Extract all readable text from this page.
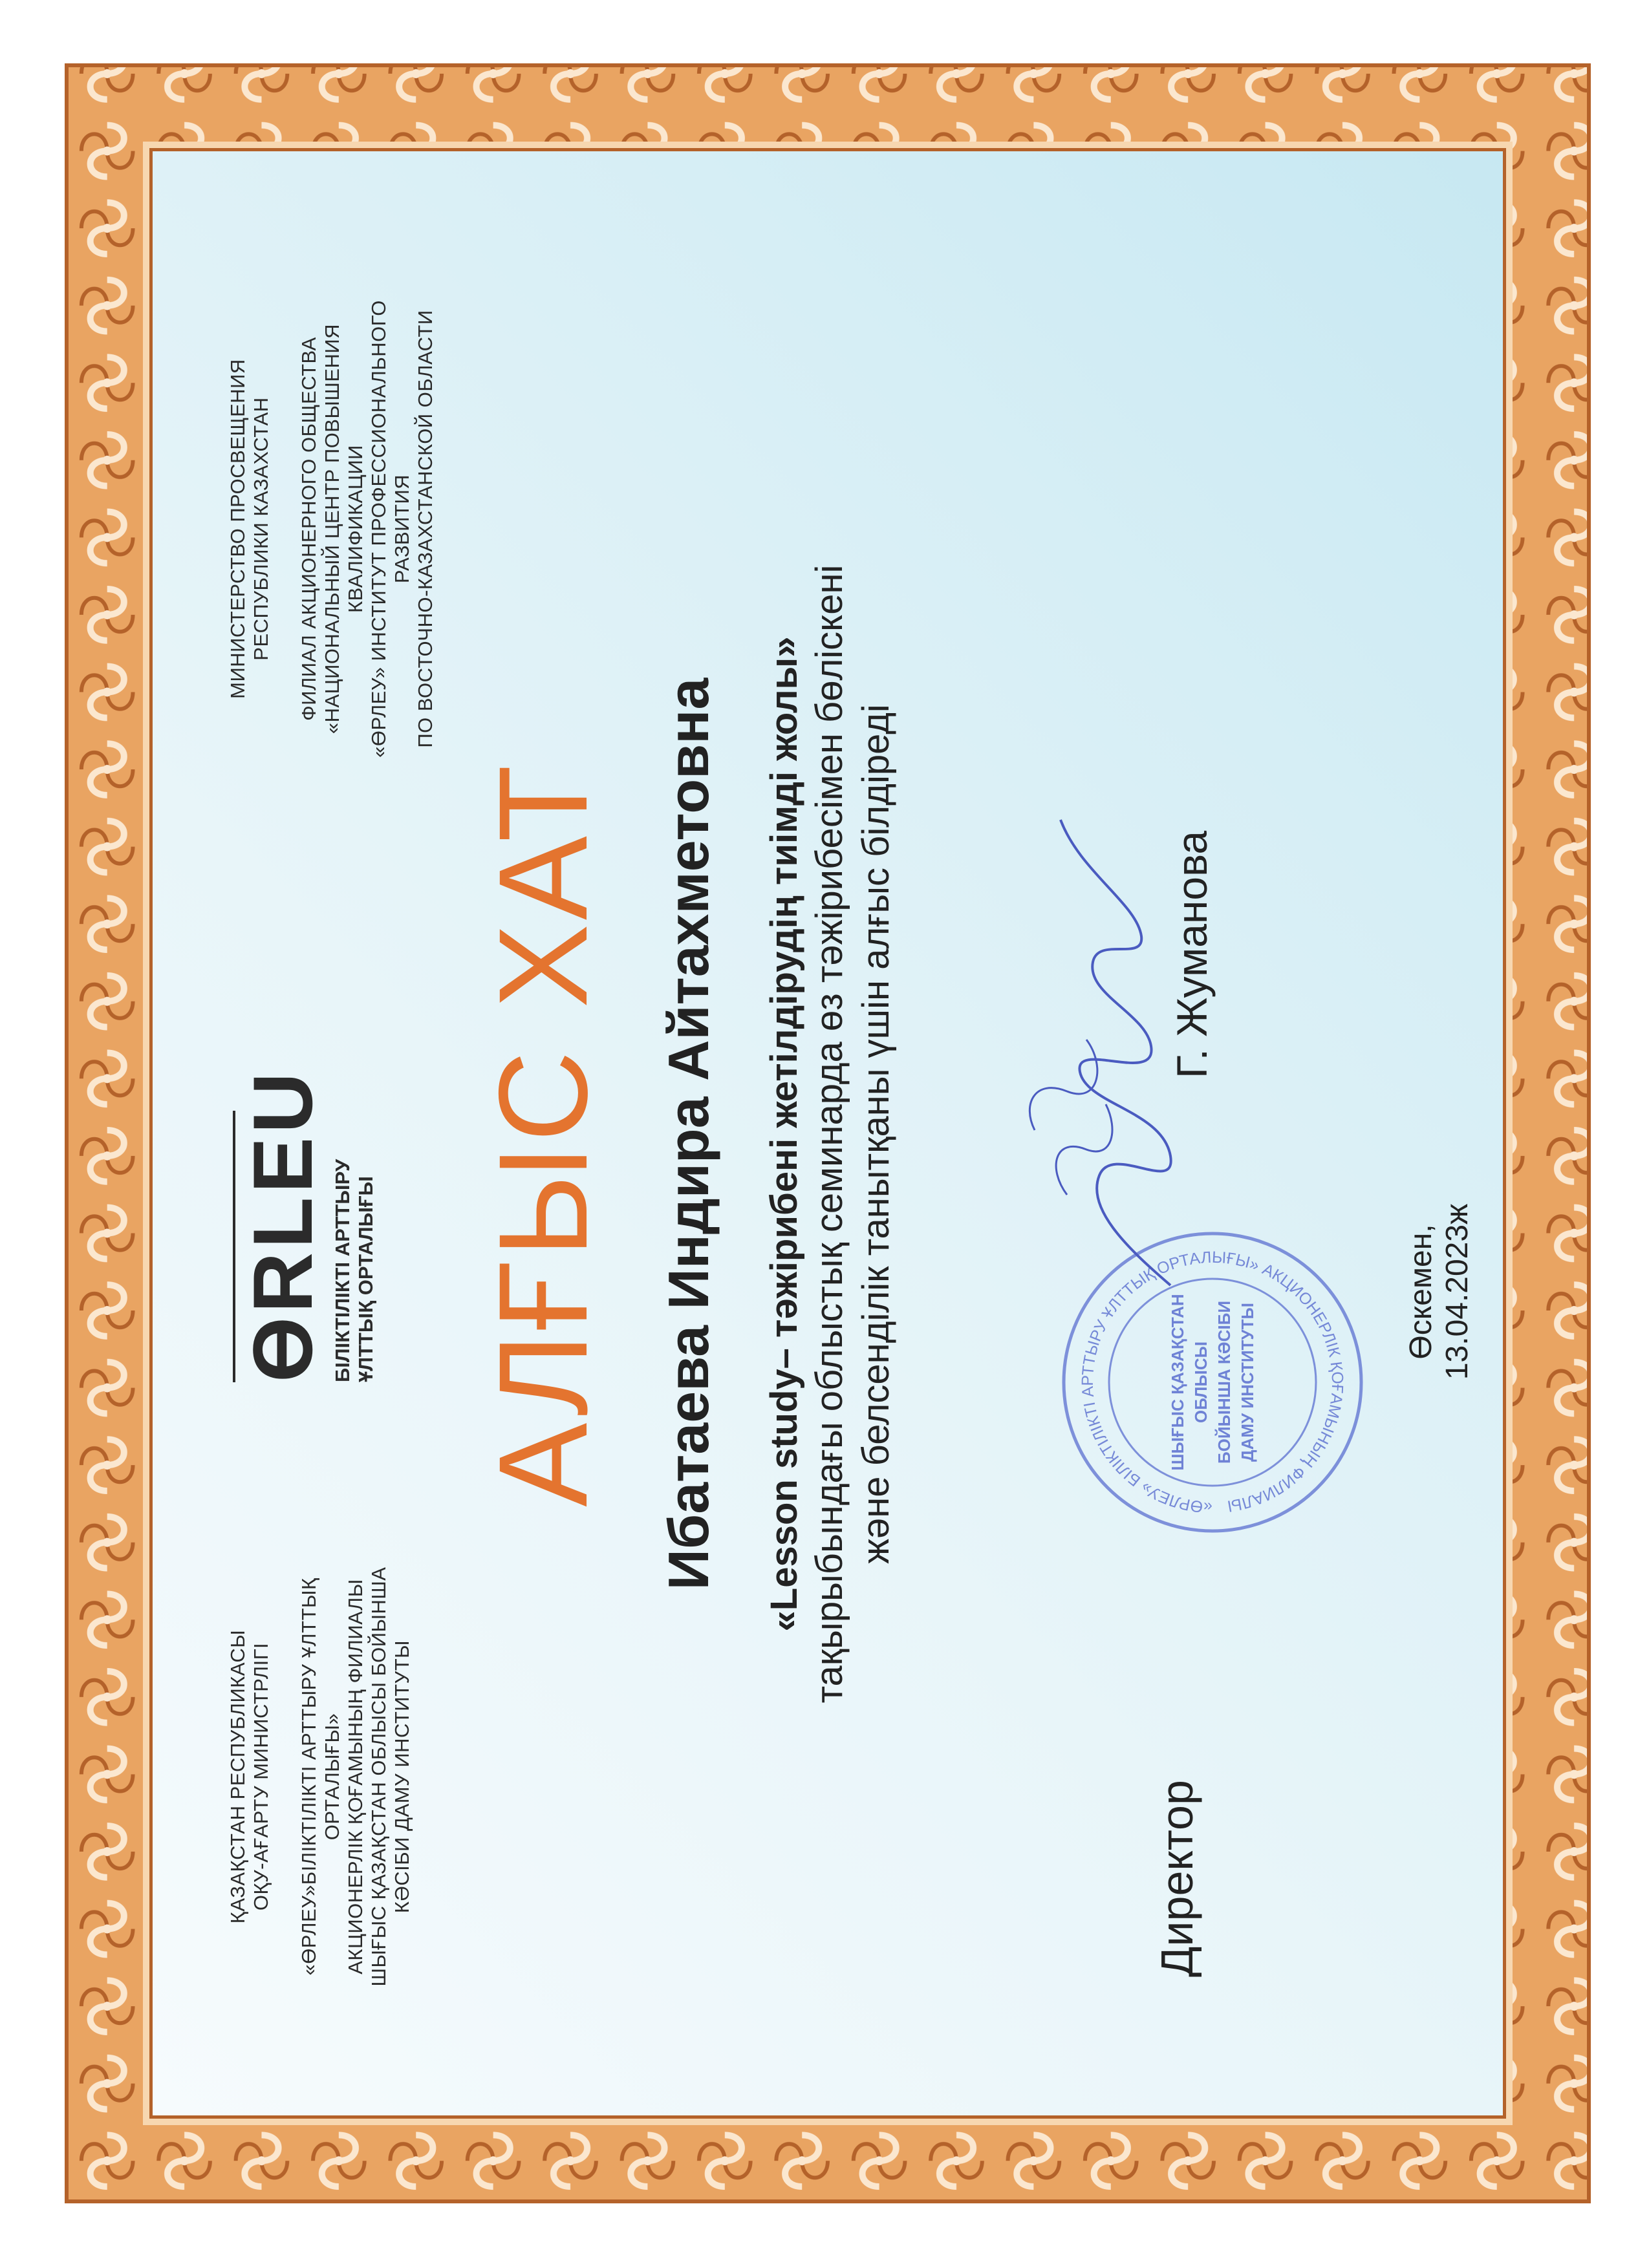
ҚАЗАҚСТАН РЕСПУБЛИКАСЫ ОҚУ-АҒАРТУ МИНИСТРЛІГІ «ӨРЛЕУ»БІЛІКТІЛІКТІ АРТТЫРУ ҰЛТТЫҚ ОРТАЛЫҒЫ» АКЦИОНЕРЛІК ҚОҒАМЫНЫҢ ФИЛИАЛЫ ШЫҒЫС ҚАЗАҚСТАН ОБЛЫСЫ БОЙЫНША КӘСІБИ ДАМУ ИНСТИТУТЫ
ӨRLEU БІЛІКТІЛІКТІ АРТТЫРУ ҰЛТТЫҚ ОРТАЛЫҒЫ
МИНИСТЕРСТВО ПРОСВЕЩЕНИЯ РЕСПУБЛИКИ КАЗАХСТАН ФИЛИАЛ АКЦИОНЕРНОГО ОБЩЕСТВА «НАЦИОНАЛЬНЫЙ ЦЕНТР ПОВЫШЕНИЯ КВАЛИФИКАЦИИ «ӨРЛЕУ» ИНСТИТУТ ПРОФЕССИОНАЛЬНОГО РАЗВИТИЯ ПО ВОСТОЧНО-КАЗАХСТАНСКОЙ ОБЛАСТИ
АЛҒЫС ХАТ Ибатаева Индира Айтахметовна «Lesson study– тәжірибені жетілдірудің тиімді жолы» тақырыбындағы облыстық семинарда өз тәжірибесімен бөліскені және белсенділік танытқаны үшін алғыс білдіреді
Директор
«ӨРЛЕУ» БІЛІКТІЛІКТІ АРТТЫРУ ҰЛТТЫҚ ОРТАЛЫҒЫ» АКЦИОНЕРЛІК ҚОҒАМЫНЫҢ ФИЛИАЛЫ
ШЫҒЫС ҚАЗАҚСТАН ОБЛЫСЫ БОЙЫНША КӘСІБИ ДАМУ ИНСТИТУТЫ
Г. Жуманова
Өскемен, 13.04.2023ж
